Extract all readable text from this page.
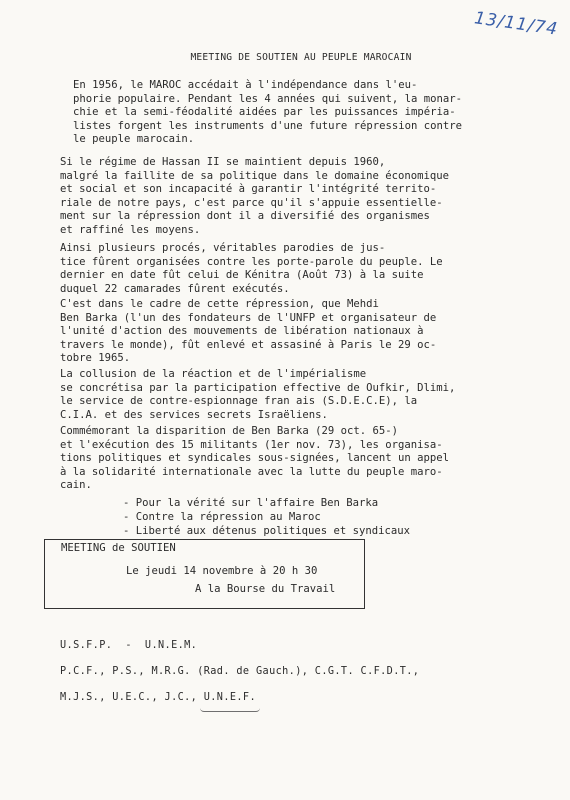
13/11/74
MEETING DE SOUTIEN AU PEUPLE MAROCAIN
En 1956, le MAROC accédait à l'indépendance dans l'eu-
phorie populaire. Pendant les 4 années qui suivent, la monar-
chie et la semi-féodalité aidées par les puissances impéria-
listes forgent les instruments d'une future répression contre
le peuple marocain.
Si le régime de Hassan II se maintient depuis 1960,
malgré la faillite de sa politique dans le domaine économique
et social et son incapacité à garantir l'intégrité territo-
riale de notre pays, c'est parce qu'il s'appuie essentielle-
ment sur la répression dont il a diversifié des organismes
et raffiné les moyens.
Ainsi plusieurs procés, véritables parodies de jus-
tice fûrent organisées contre les porte-parole du peuple. Le
dernier en date fût celui de Kénitra (Août 73) à la suite
duquel 22 camarades fûrent exécutés.
C'est dans le cadre de cette répression, que Mehdi
Ben Barka (l'un des fondateurs de l'UNFP et organisateur de
l'unité d'action des mouvements de libération nationaux à
travers le monde), fût enlevé et assasiné à Paris le 29 oc-
tobre 1965.
La collusion de la réaction et de l'impérialisme
se concrétisa par la participation effective de Oufkir, Dlimi,
le service de contre-espionnage fran ais (S.D.E.C.E), la
C.I.A. et des services secrets Israëliens.
Commémorant la disparition de Ben Barka (29 oct. 65-)
et l'exécution des 15 militants (1er nov. 73), les organisa-
tions politiques et syndicales sous-signées, lancent un appel
à la solidarité internationale avec la lutte du peuple maro-
cain.
- Pour la vérité sur l'affaire Ben Barka
- Contre la répression au Maroc
- Liberté aux détenus politiques et syndicaux
MEETING de SOUTIEN
Le jeudi 14 novembre à 20 h 30
A la Bourse du Travail
U.S.F.P.  -  U.N.E.M.
P.C.F., P.S., M.R.G. (Rad. de Gauch.), C.G.T. C.F.D.T.,
M.J.S., U.E.C., J.C., U.N.E.F.
